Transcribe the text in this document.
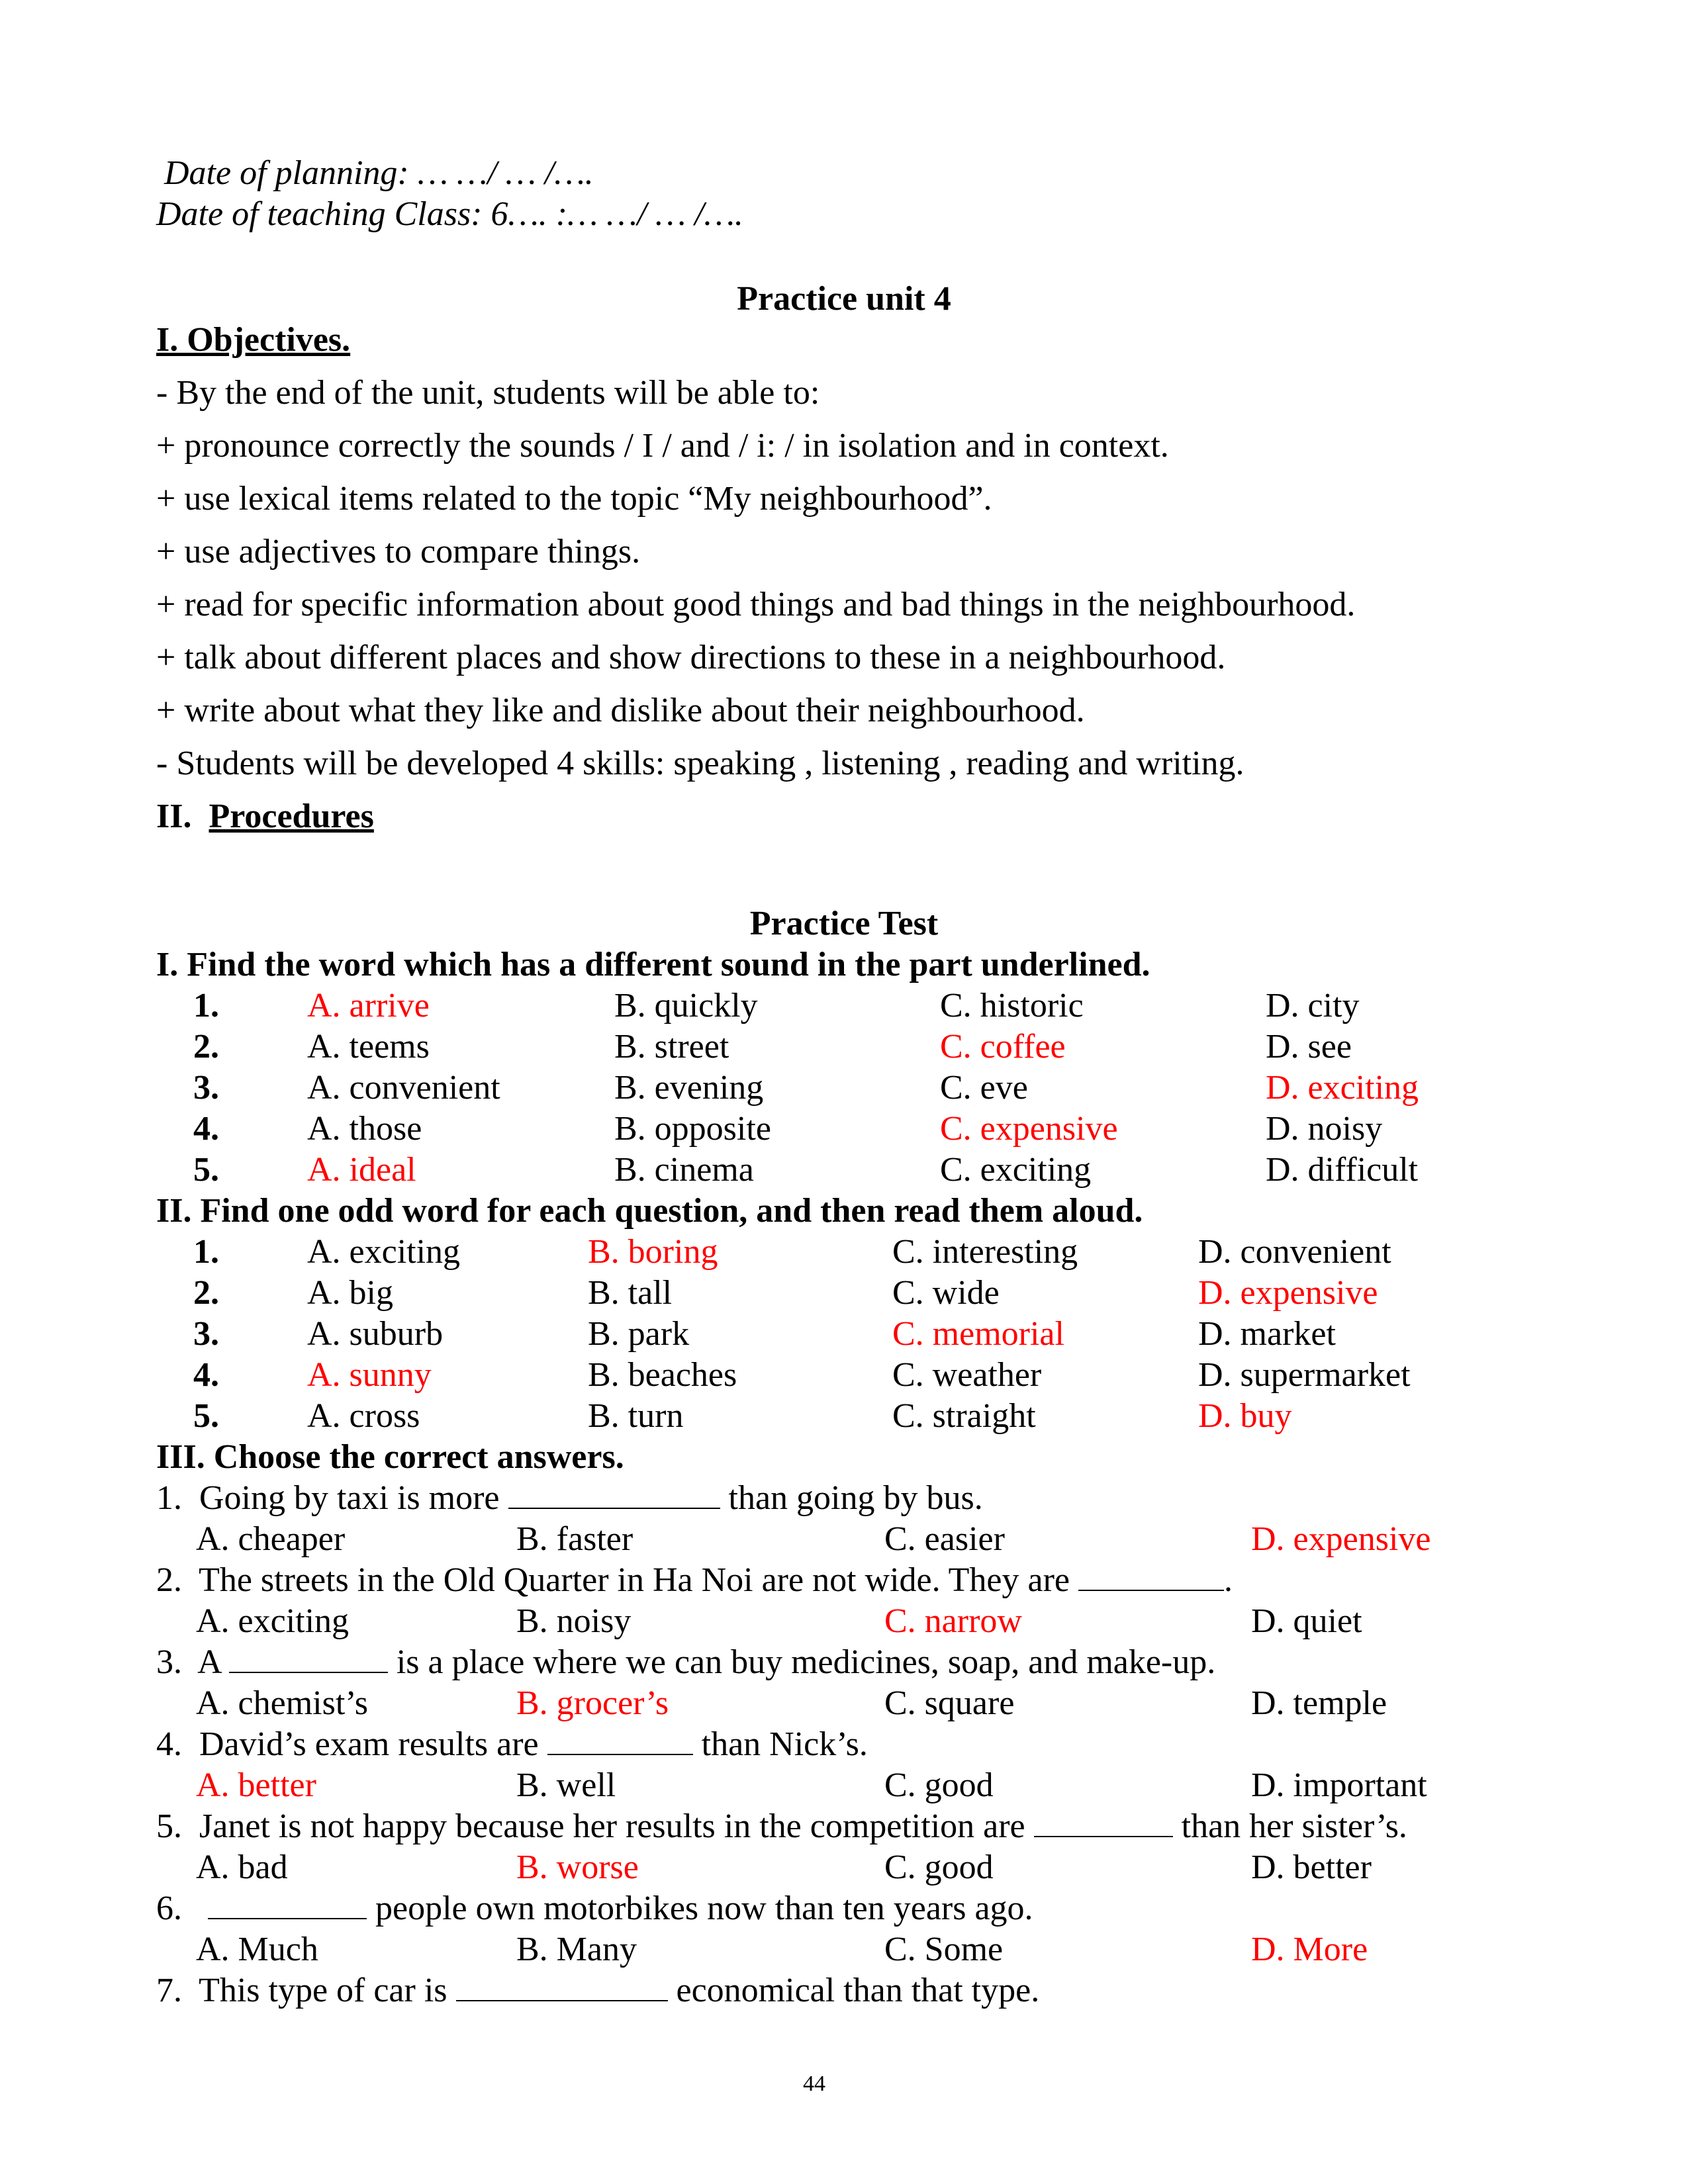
Date of planning: … …/ … /….
Date of teaching Class: 6…. :… …/ … /….
Practice unit 4
I. Objectives.
- By the end of the unit, students will be able to:
+ pronounce correctly the sounds / I / and / i: / in isolation and in context.
+ use lexical items related to the topic “My neighbourhood”.
+ use adjectives to compare things.
+ read for specific information about good things and bad things in the neighbourhood.
+ talk about different places and show directions to these in a neighbourhood.
+ write about what they like and dislike about their neighbourhood.
- Students will be developed 4 skills: speaking , listening , reading and writing.
II. Procedures
Practice Test
I. Find the word which has a different sound in the part underlined.
1.	A. arrive	B. quickly	C. historic	D. city
2.	A. teems	B. street	C. coffee	D. see
3.	A. convenient	B. evening	C. eve	D. exciting
4.	A. those	B. opposite	C. expensive	D. noisy
5.	A. ideal	B. cinema	C. exciting	D. difficult
II. Find one odd word for each question, and then read them aloud.
1.	A. exciting	B. boring	C. interesting	D. convenient
2.	A. big	B. tall	C. wide	D. expensive
3.	A. suburb	B. park	C. memorial	D. market
4.	A. sunny	B. beaches	C. weather	D. supermarket
5.	A. cross	B. turn	C. straight	D. buy
III. Choose the correct answers.
1. Going by taxi is more	than going by bus.
A. cheaper	B. faster	C. easier	D. expensive
2. The streets in the Old Quarter in Ha Noi are not wide. They are	.
A. exciting	B. noisy	C. narrow	D. quiet
3. A	is a place where we can buy medicines, soap, and make-up.
A. chemist’s	B. grocer’s	C. square	D. temple
4. David’s exam results are	than Nick’s.
A. better	B. well	C. good	D. important
5. Janet is not happy because her results in the competition are	than her sister’s.
A. bad	B. worse	C. good	D. better
6.	people own motorbikes now than ten years ago.
A. Much	B. Many	C. Some	D. More
7. This type of car is	economical than that type.
44
